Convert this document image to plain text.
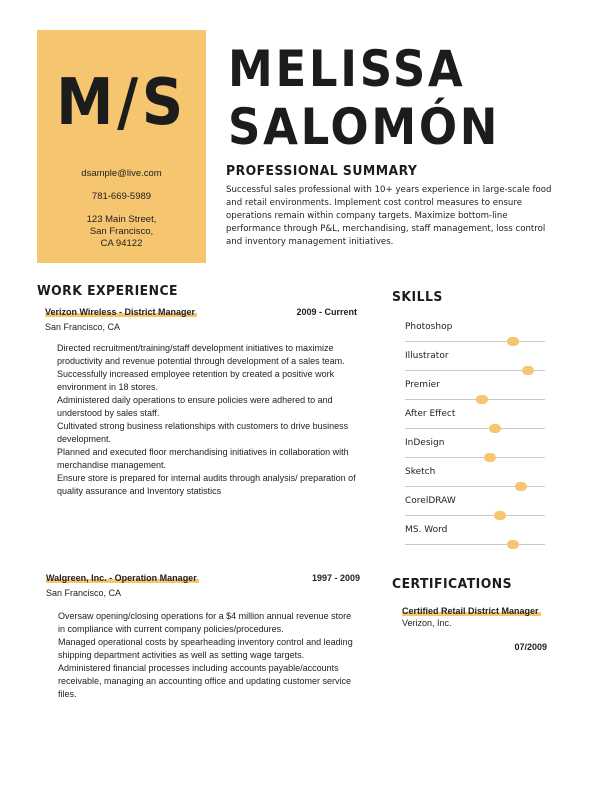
M/S
dsample@live.com
781-669-5989
123 Main Street,
San Francisco,
CA 94122
MELISSA
SALOMÓN
PROFESSIONAL SUMMARY
Successful sales professional with 10+ years experience in large-scale food and retail environments. Implement cost control measures to ensure operations remain within company targets. Maximize bottom-line performance through P&L, merchandising, staff management, loss control and inventory management initiatives.
WORK EXPERIENCE
Verizon Wireless - District Manager	2009 - Current
San Francisco, CA
Directed recruitment/training/staff development initiatives to maximize productivity and revenue potential through development of a sales team.
Successfully increased employee retention by created a positive work environment in 18 stores.
Administered daily operations to ensure policies were adhered to and understood by sales staff.
Cultivated strong business relationships with customers to drive business development.
Planned and executed floor merchandising initiatives in collaboration with merchandise management.
Ensure store is prepared for internal audits through analysis/ preparation of quality assurance and Inventory statistics
Walgreen, Inc. - Operation Manager	1997 - 2009
San Francisco, CA
Oversaw opening/closing operations for a $4 million annual revenue store in compliance with current company policies/procedures.
Managed operational costs by spearheading inventory control and leading shipping department activities as well as setting wage targets.
Administered financial processes including accounts payable/accounts receivable, managing an accounting office and updating customer service files.
SKILLS
Photoshop
Illustrator
Premier
After Effect
InDesign
Sketch
CorelDRAW
MS. Word
CERTIFICATIONS
Certified Retail District Manager
Verizon, Inc.
07/2009
